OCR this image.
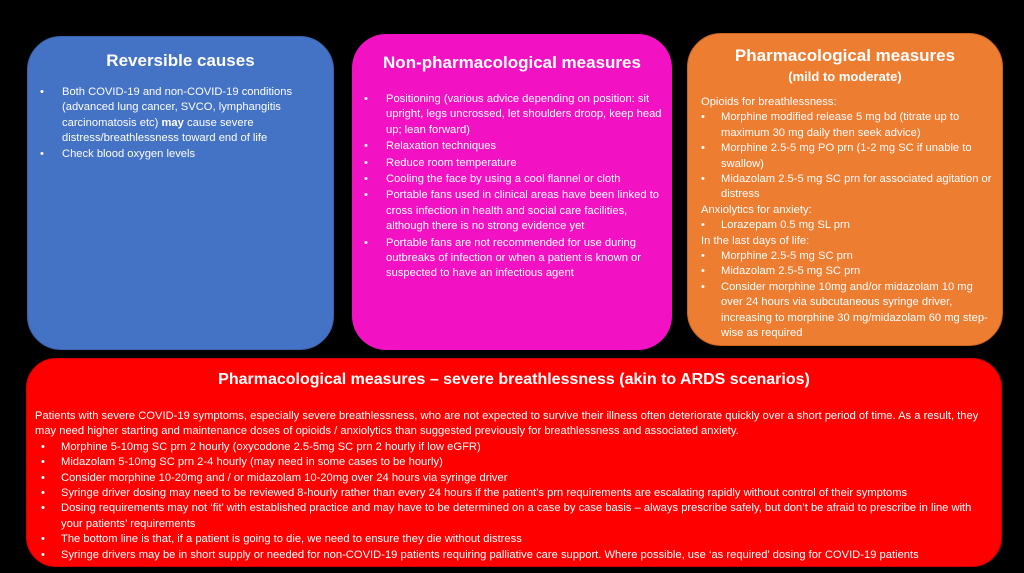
Reversible causes
• Both COVID-19 and non-COVID-19 conditions (advanced lung cancer, SVCO, lymphangitis carcinomatosis etc) may cause severe distress/breathlessness toward end of life
• Check blood oxygen levels
Non-pharmacological measures
• Positioning (various advice depending on position: sit upright, legs uncrossed, let shoulders droop, keep head up; lean forward)
• Relaxation techniques
• Reduce room temperature
• Cooling the face by using a cool flannel or cloth
• Portable fans used in clinical areas have been linked to cross infection in health and social care facilities, although there is no strong evidence yet
• Portable fans are not recommended for use during outbreaks of infection or when a patient is known or suspected to have an infectious agent
Pharmacological measures
(mild to moderate)

Opioids for breathlessness:

• Morphine modified release 5 mg bd (titrate up to maximum 30 mg daily then seek advice)
• Morphine 2.5-5 mg PO prn (1-2 mg SC if unable to swallow)
• Midazolam 2.5-5 mg SC prn for associated agitation or distress

Anxiolytics for anxiety:

• Lorazepam 0.5 mg SL prn

In the last days of life:

• Morphine 2.5-5 mg SC prn
• Midazolam 2.5-5 mg SC prn
• Consider morphine 10mg and/or midazolam 10 mg over 24 hours via subcutaneous syringe driver, increasing to morphine 30 mg/midazolam 60 mg step-wise as required
Pharmacological measures – severe breathlessness (akin to ARDS scenarios)

Patients with severe COVID-19 symptoms, especially severe breathlessness, who are not expected to survive their illness often deteriorate quickly over a short period of time. As a result, they may need higher starting and maintenance doses of opioids / anxiolytics than suggested previously for breathlessness and associated anxiety.

• Morphine 5-10mg SC prn 2 hourly (oxycodone 2.5-5mg SC prn 2 hourly if low eGFR)
• Midazolam 5-10mg SC prn 2-4 hourly (may need in some cases to be hourly)
• Consider morphine 10-20mg and / or midazolam 10-20mg over 24 hours via syringe driver
• Syringe driver dosing may need to be reviewed 8-hourly rather than every 24 hours if the patient’s prn requirements are escalating rapidly without control of their symptoms
• Dosing requirements may not ‘fit’ with established practice and may have to be determined on a case by case basis – always prescribe safely, but don’t be afraid to prescribe in line with your patients’ requirements
• The bottom line is that, if a patient is going to die, we need to ensure they die without distress
• Syringe drivers may be in short supply or needed for non-COVID-19 patients requiring palliative care support. Where possible, use ‘as required’ dosing for COVID-19 patients
